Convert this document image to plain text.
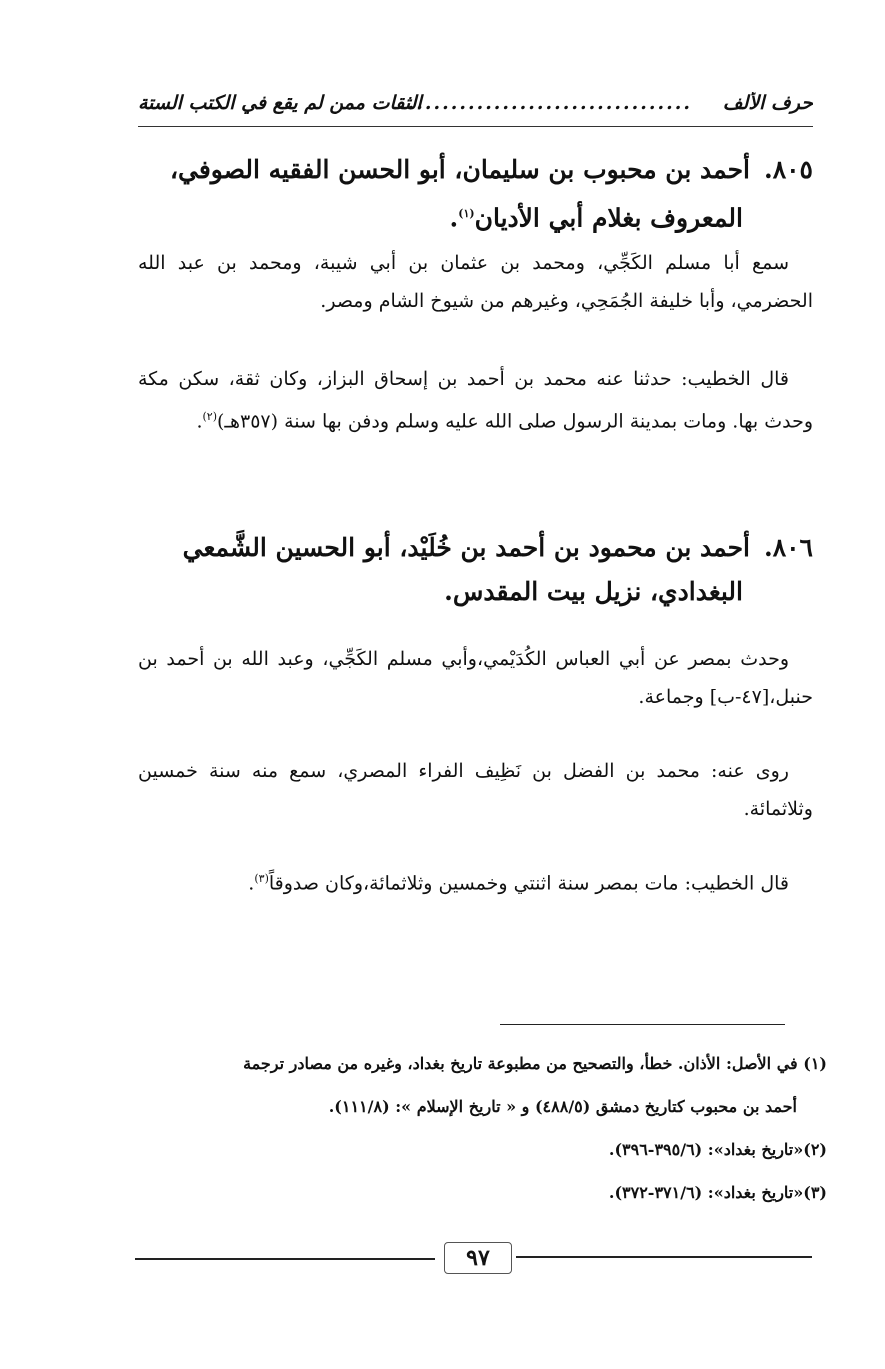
حرف الألف
..................................
الثقات ممن لم يقع في الكتب الستة
٨٠٥.أحمد بن محبوب بن سليمان، أبو الحسن الفقيه الصوفي،
المعروف بغلام أبي الأديان$^{(١)}$.

سمع أبا مسلم الكَجِّي، ومحمد بن عثمان بن أبي شيبة، ومحمد بن عبد الله الحضرمي، وأبا خليفة الجُمَحِي، وغيرهم من شيوخ الشام ومصر.

قال الخطيب: حدثنا عنه محمد بن أحمد بن إسحاق البزاز، وكان ثقة، سكن مكة وحدث بها. ومات بمدينة الرسول صلى الله عليه وسلم ودفن بها سنة (٣٥٧هـ)$^{(٢)}$.

٨٠٦.أحمد بن محمود بن أحمد بن خُلَيْد، أبو الحسين الشَّمعي
البغدادي، نزيل بيت المقدس.

وحدث بمصر عن أبي العباس الكُدَيْمي،وأبي مسلم الكَجِّي، وعبد الله بن أحمد بن حنبل،[٤٧-ب] وجماعة.

روى عنه: محمد بن الفضل بن نَظِيف الفراء المصري، سمع منه سنة خمسين وثلاثمائة.

قال الخطيب: مات بمصر سنة اثنتي وخمسين وثلاثمائة،وكان صدوقاً$^{(٣)}$.

(١) في الأصل: الأذان. خطأ، والتصحيح من مطبوعة تاريخ بغداد، وغيره من مصادر ترجمة
أحمد بن محبوب كتاريخ دمشق (٤٨٨/٥) و « تاريخ الإسلام »: (١١١/٨).
(٢)«تاريخ بغداد»: (٣٩٥/٦-٣٩٦).
(٣)«تاريخ بغداد»: (٣٧١/٦-٣٧٢).
٩٧
